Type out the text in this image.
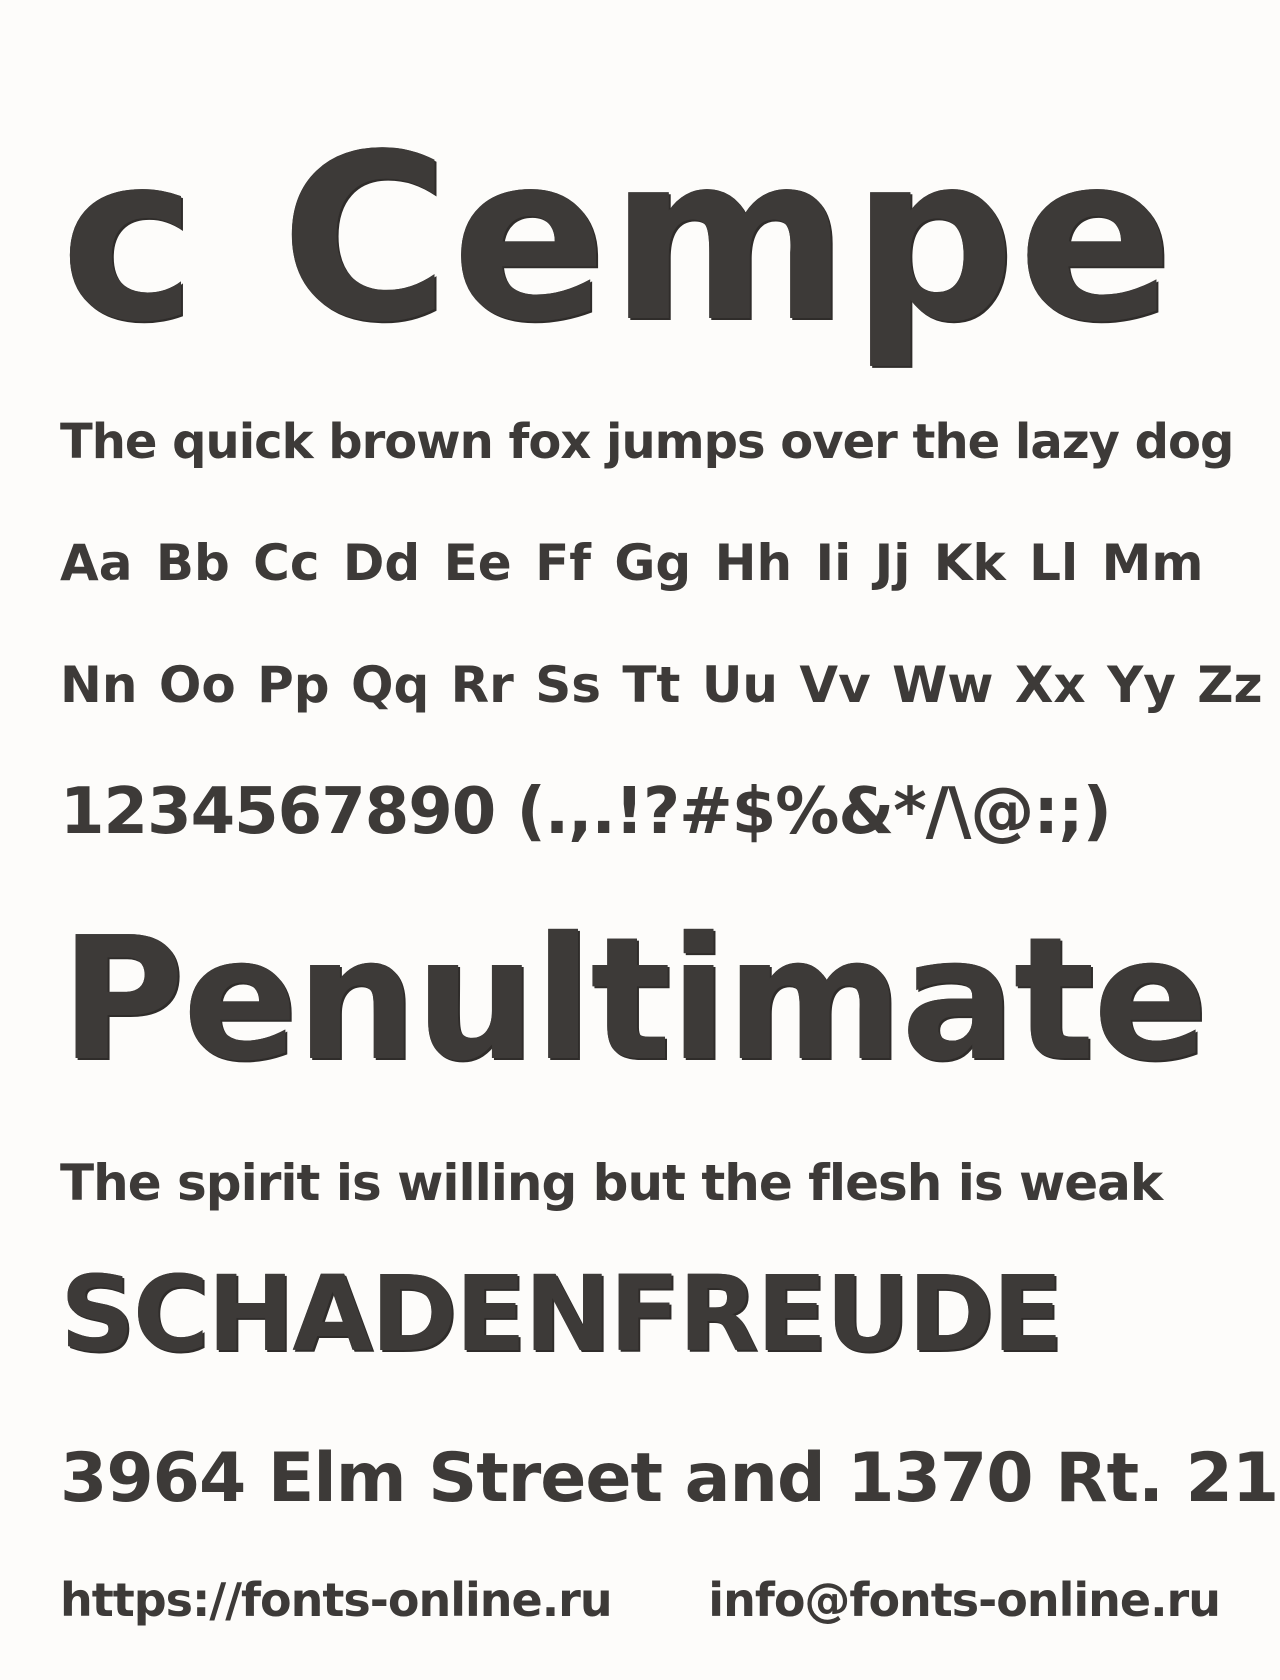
c Cempe

The quick brown fox jumps over the lazy dog

Aa Bb Cc Dd Ee Ff Gg Hh Ii Jj Kk Ll Mm

Nn Oo Pp Qq Rr Ss Tt Uu Vv Ww Xx Yy Zz

1234567890 (.,.!?#$%&*/\@:;)

Penultimate

The spirit is willing but the flesh is weak

SCHADENFREUDE

3964 Elm Street and 1370 Rt. 21

https://fonts-online.ru info@fonts-online.ru
